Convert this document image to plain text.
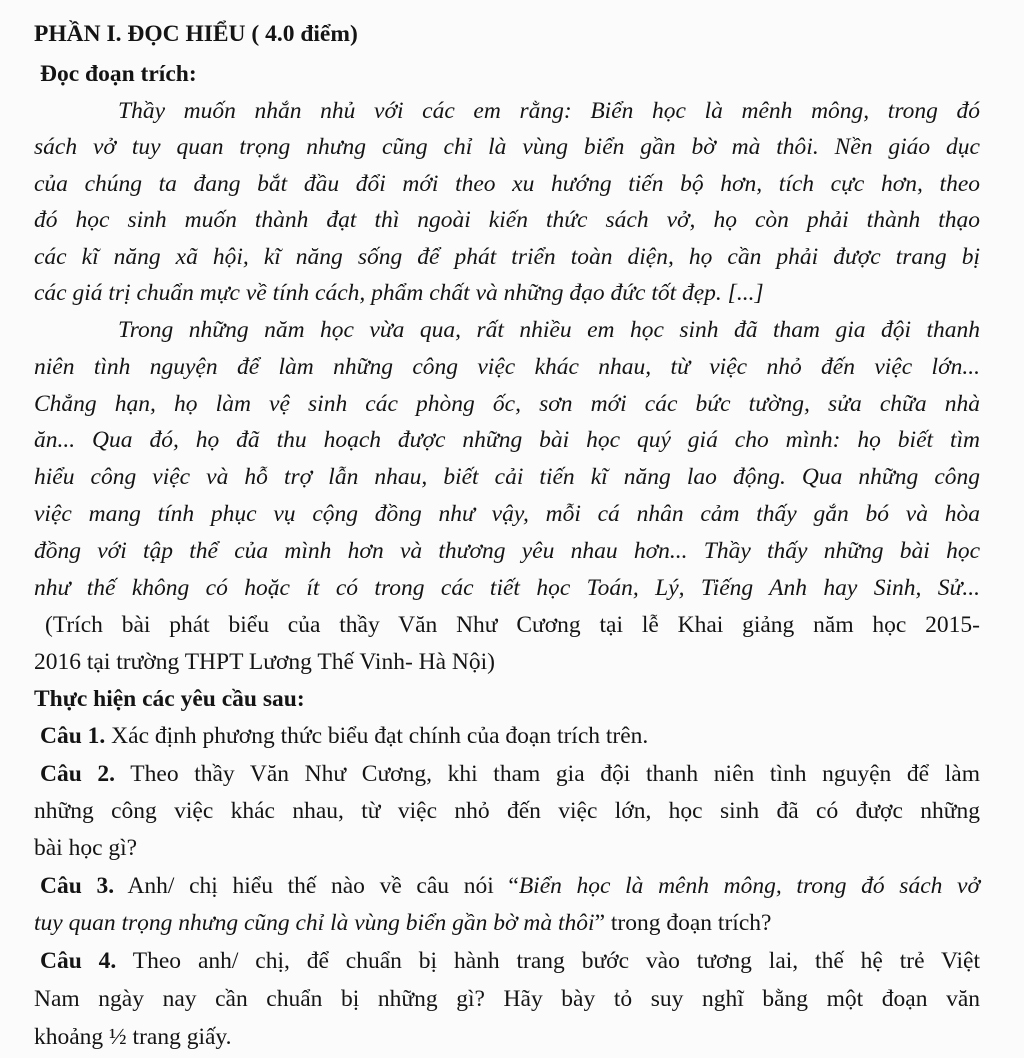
PHẦN I. ĐỌC HIỂU ( 4.0 điểm)
Đọc đoạn trích:
Thầy muốn nhắn nhủ với các em rằng: Biển học là mênh mông, trong đó
sách vở tuy quan trọng nhưng cũng chỉ là vùng biển gần bờ mà thôi. Nền giáo dục
của chúng ta đang bắt đầu đổi mới theo xu hướng tiến bộ hơn, tích cực hơn, theo
đó học sinh muốn thành đạt thì ngoài kiến thức sách vở, họ còn phải thành thạo
các kĩ năng xã hội, kĩ năng sống để phát triển toàn diện, họ cần phải được trang bị
các giá trị chuẩn mực về tính cách, phẩm chất và những đạo đức tốt đẹp. [...]
Trong những năm học vừa qua, rất nhiều em học sinh đã tham gia đội thanh
niên tình nguyện để làm những công việc khác nhau, từ việc nhỏ đến việc lớn...
Chẳng hạn, họ làm vệ sinh các phòng ốc, sơn mới các bức tường, sửa chữa nhà
ăn... Qua đó, họ đã thu hoạch được những bài học quý giá cho mình: họ biết tìm
hiểu công việc và hỗ trợ lẫn nhau, biết cải tiến kĩ năng lao động. Qua những công
việc mang tính phục vụ cộng đồng như vậy, mỗi cá nhân cảm thấy gắn bó và hòa
đồng với tập thể của mình hơn và thương yêu nhau hơn... Thầy thấy những bài học
như thế không có hoặc ít có trong các tiết học Toán, Lý, Tiếng Anh hay Sinh, Sử...
(Trích bài phát biểu của thầy Văn Như Cương tại lễ Khai giảng năm học 2015-
2016 tại trường THPT Lương Thế Vinh- Hà Nội)
Thực hiện các yêu cầu sau:
Câu 1. Xác định phương thức biểu đạt chính của đoạn trích trên.
Câu 2. Theo thầy Văn Như Cương, khi tham gia đội thanh niên tình nguyện để làm
những công việc khác nhau, từ việc nhỏ đến việc lớn, học sinh đã có được những
bài học gì?
Câu 3. Anh/ chị hiểu thế nào về câu nói “Biển học là mênh mông, trong đó sách vở
tuy quan trọng nhưng cũng chỉ là vùng biển gần bờ mà thôi” trong đoạn trích?
Câu 4. Theo anh/ chị, để chuẩn bị hành trang bước vào tương lai, thế hệ trẻ Việt
Nam ngày nay cần chuẩn bị những gì? Hãy bày tỏ suy nghĩ bằng một đoạn văn
khoảng ½ trang giấy.
